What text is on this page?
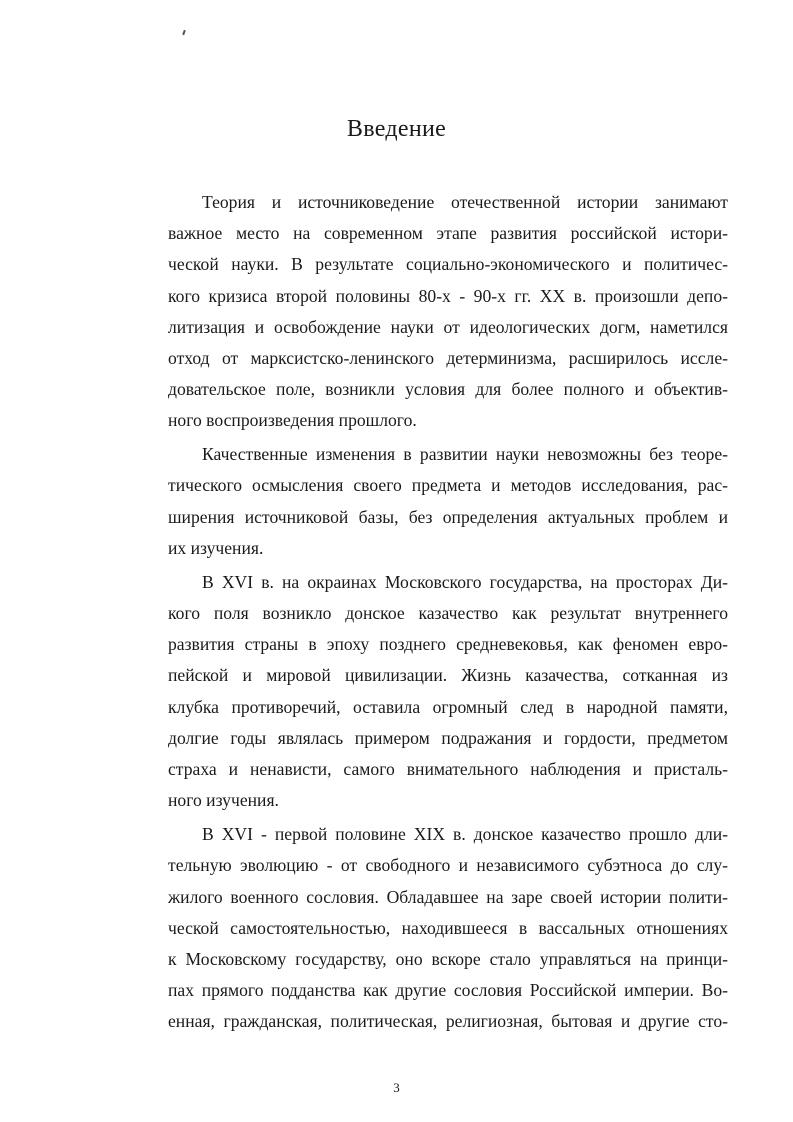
Введение
Теория и источниковедение отечественной истории занимают
важное место на современном этапе развития российской истори-
ческой науки. В результате социально-экономического и политичес-
кого кризиса второй половины 80-х - 90-х гг. XX в. произошли депо-
литизация и освобождение науки от идеологических догм, наметился
отход от марксистско-ленинского детерминизма, расширилось иссле-
довательское поле, возникли условия для более полного и объектив-
ного воспроизведения прошлого.
Качественные изменения в развитии науки невозможны без теоре-
тического осмысления своего предмета и методов исследования, рас-
ширения источниковой базы, без определения актуальных проблем и
их изучения.
В XVI в. на окраинах Московского государства, на просторах Ди-
кого поля возникло донское казачество как результат внутреннего
развития страны в эпоху позднего средневековья, как феномен евро-
пейской и мировой цивилизации. Жизнь казачества, сотканная из
клубка противоречий, оставила огромный след в народной памяти,
долгие годы являлась примером подражания и гордости, предметом
страха и ненависти, самого внимательного наблюдения и присталь-
ного изучения.
В XVI - первой половине XIX в. донское казачество прошло дли-
тельную эволюцию - от свободного и независимого субэтноса до слу-
жилого военного сословия. Обладавшее на заре своей истории полити-
ческой самостоятельностью, находившееся в вассальных отношениях
к Московскому государству, оно вскоре стало управляться на принци-
пах прямого подданства как другие сословия Российской империи. Во-
енная, гражданская, политическая, религиозная, бытовая и другие сто-
3
